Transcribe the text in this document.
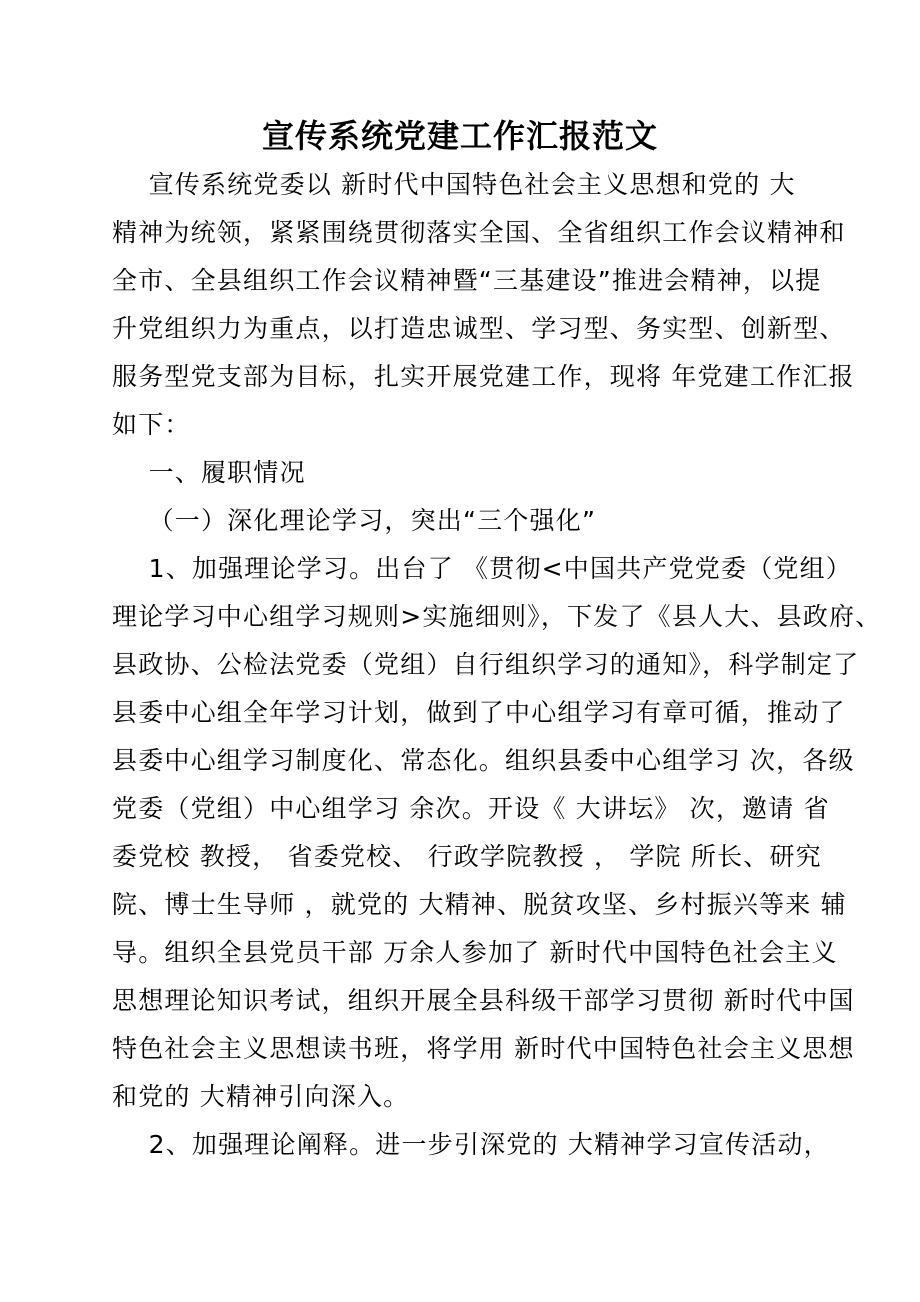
宣传系统党建工作汇报范文
宣传系统党委以 新时代中国特色社会主义思想和党的 大
精神为统领，紧紧围绕贯彻落实全国、全省组织工作会议精神和
全市、全县组织工作会议精神暨“三基建设”推进会精神，以提
升党组织力为重点，以打造忠诚型、学习型、务实型、创新型、
服务型党支部为目标，扎实开展党建工作，现将 年党建工作汇报
如下：
一、履职情况
（一）深化理论学习，突出“三个强化”
1、加强理论学习。出台了 《贯彻<中国共产党党委（党组）
理论学习中心组学习规则>实施细则》，下发了《县人大、县政府、
县政协、公检法党委（党组）自行组织学习的通知》，科学制定了
县委中心组全年学习计划，做到了中心组学习有章可循，推动了
县委中心组学习制度化、常态化。组织县委中心组学习 次，各级
党委（党组）中心组学习 余次。开设《 大讲坛》 次，邀请 省
委党校 教授， 省委党校、 行政学院教授 ， 学院 所长、研究
院、博士生导师 ，就党的 大精神、脱贫攻坚、乡村振兴等来 辅
导。组织全县党员干部 万余人参加了 新时代中国特色社会主义
思想理论知识考试，组织开展全县科级干部学习贯彻 新时代中国
特色社会主义思想读书班，将学用 新时代中国特色社会主义思想
和党的 大精神引向深入。
2、加强理论阐释。进一步引深党的 大精神学习宣传活动，
